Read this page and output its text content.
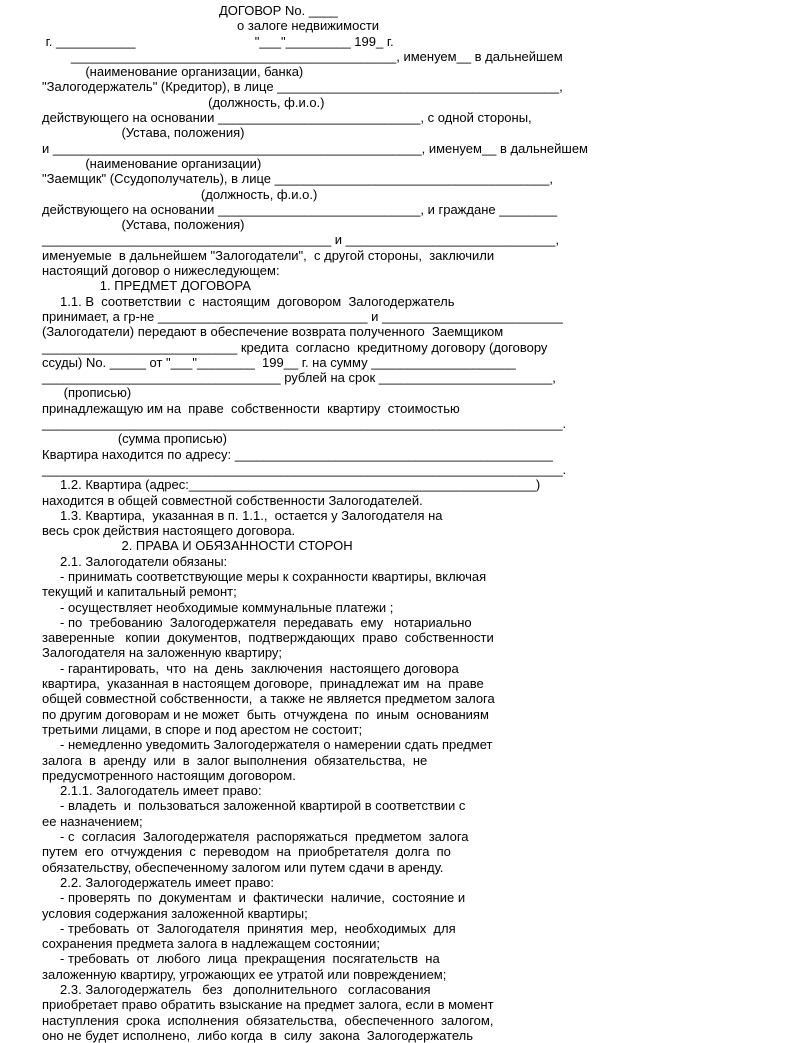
ДОГОВОР No. ____
о залоге недвижимости
г. ___________                                 "___"_________ 199_ г.
_____________________________________________, именуем__ в дальнейшем
(наименование организации, банка)
"Залогодержатель" (Кредитор), в лице _______________________________________,
(должность, ф.и.о.)
действующего на основании ____________________________, с одной стороны,
(Устава, положения)
и ___________________________________________________, именуем__ в дальнейшем
(наименование организации)
"Заемщик" (Ссудополучатель), в лице ______________________________________,
(должность, ф.и.о.)
действующего на основании ____________________________, и граждане ________
(Устава, положения)
________________________________________ и _____________________________,
именуемые  в дальнейшем "Залогодатели",  с другой стороны,  заключили
настоящий договор о нижеследующем:
1. ПРЕДМЕТ ДОГОВОРА
1.1. В  соответствии  с  настоящим  договором  Залогодержатель
принимает, а гр-не _____________________________ и _________________________
(Залогодатели) передают в обеспечение возврата полученного  Заемщиком
___________________________ кредита  согласно  кредитному договору (договору
ссуды) No. _____ от "___"________  199__ г. на сумму ____________________
_________________________________ рублей на срок ________________________,
(прописью)
принадлежащую им на  праве  собственности  квартиру  стоимостью
________________________________________________________________________.
(сумма прописью)
Квартира находится по адресу: ____________________________________________
________________________________________________________________________.
1.2. Квартира (адрес:________________________________________________)
находится в общей совместной собственности Залогодателей.
1.3. Квартира,  указанная в п. 1.1.,  остается у Залогодателя на
весь срок действия настоящего договора.
2. ПРАВА И ОБЯЗАННОСТИ СТОРОН
2.1. Залогодатели обязаны:
- принимать соответствующие меры к сохранности квартиры, включая
текущий и капитальный ремонт;
- осуществляет необходимые коммунальные платежи ;
- по  требованию  Залогодержателя  передавать  ему   нотариально
заверенные   копии  документов,  подтверждающих  право  собственности
Залогодателя на заложенную квартиру;
- гарантировать,  что  на  день  заключения  настоящего договора
квартира,  указанная в настоящем договоре,  принадлежат им  на  праве
общей совместной собственности,  а также не является предметом залога
по другим договорам и не может  быть  отчуждена  по  иным  основаниям
третьими лицами, в споре и под арестом не состоит;
- немедленно уведомить Залогодержателя о намерении сдать предмет
залога  в  аренду  или  в  залог выполнения  обязательства,  не
предусмотренного настоящим договором.
2.1.1. Залогодатель имеет право:
- владеть  и  пользоваться заложенной квартирой в соответствии с
ее назначением;
- с  согласия  Залогодержателя  распоряжаться  предметом  залога
путем  его  отчуждения  с  переводом  на  приобретателя  долга  по
обязательству, обеспеченному залогом или путем сдачи в аренду.
2.2. Залогодержатель имеет право:
- проверять  по  документам  и  фактически  наличие,  состояние и
условия содержания заложенной квартиры;
- требовать  от  Залогодателя  принятия  мер,  необходимых  для
сохранения предмета залога в надлежащем состоянии;
- требовать  от  любого  лица  прекращения  посягательств  на
заложенную квартиру, угрожающих ее утратой или повреждением;
2.3. Залогодержатель   без   дополнительного   согласования
приобретает право обратить взыскание на предмет залога, если в момент
наступления  срока  исполнения  обязательства,  обеспеченного  залогом,
оно не будет исполнено,  либо когда  в  силу  закона  Залогодержатель
